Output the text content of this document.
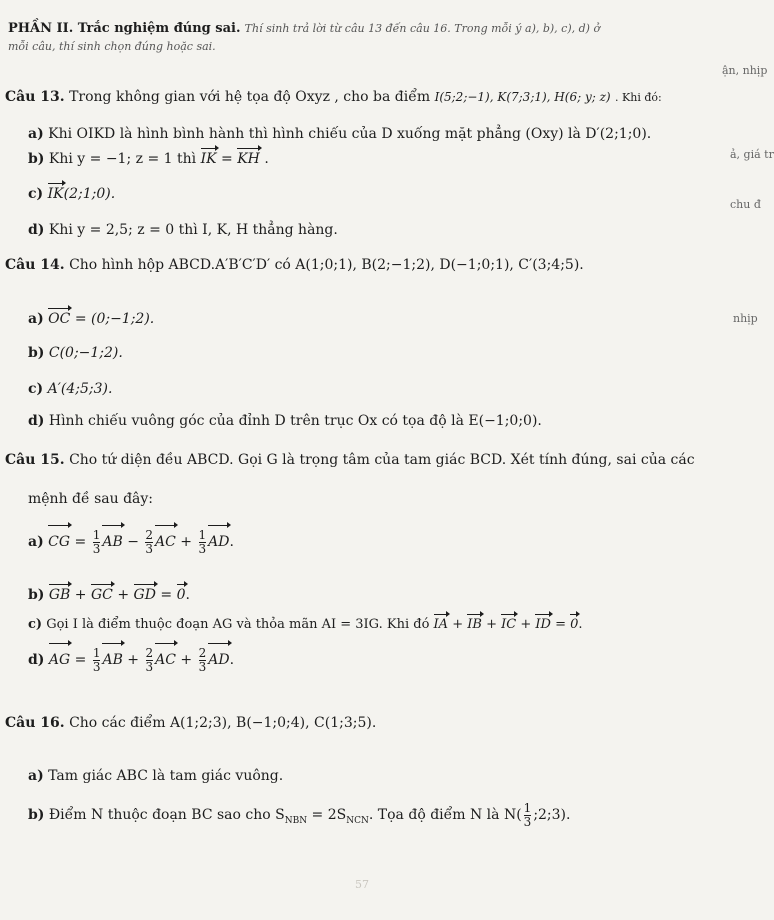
PHẦN II. Trắc nghiệm đúng sai. Thí sinh trả lời từ câu 13 đến câu 16. Trong mỗi ý a), b), c), d) ở
mỗi câu, thí sinh chọn đúng hoặc sai.
ận, nhịp
ả, giá tr
chu đ
nhịp
Câu 13. Trong không gian với hệ tọa độ Oxyz , cho ba điểm I(5;2;−1), K(7;3;1), H(6; y; z) . Khi đó:
a) Khi OIKD là hình bình hành thì hình chiếu của D xuống mặt phẳng (Oxy) là D′(2;1;0).
b) Khi y = −1; z = 1 thì IK = KH .
c) IK(2;1;0).
d) Khi y = 2,5; z = 0 thì I, K, H thẳng hàng.
Câu 14. Cho hình hộp ABCD.A′B′C′D′ có A(1;0;1), B(2;−1;2), D(−1;0;1), C′(3;4;5).
a) OC = (0;−1;2).
b) C(0;−1;2).
c) A′(4;5;3).
d) Hình chiếu vuông góc của đỉnh D trên trục Ox có tọa độ là E(−1;0;0).
Câu 15. Cho tứ diện đều ABCD. Gọi G là trọng tâm của tam giác BCD. Xét tính đúng, sai của các
mệnh đề sau đây:
a) CG = $\frac{1}{3}$ AB − $\frac{2}{3}$ AC + $\frac{1}{3}$ AD.
b) GB + GC + GD = 0.
c) Gọi I là điểm thuộc đoạn AG và thỏa mãn AI = 3IG. Khi đó IA + IB + IC + ID = 0.
d) AG = $\frac{1}{3}$ AB + $\frac{2}{3}$ AC + $\frac{2}{3}$ AD.
Câu 16. Cho các điểm A(1;2;3), B(−1;0;4), C(1;3;5).
a) Tam giác ABC là tam giác vuông.
b) Điểm N thuộc đoạn BC sao cho $S_{NBN} = 2S_{NCN}$. Tọa độ điểm N là $N( \frac{1}{3}$ ;2;3).
57
